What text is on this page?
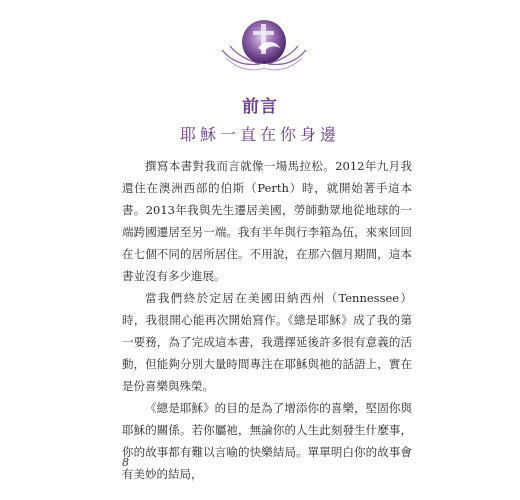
前言
耶穌一直在你身邊

撰寫本書對我而言就像一場馬拉松。2012年九月我還住在澳洲西部的伯斯（Perth）時，就開始著手這本書。2013年我與先生遷居美國，勞師動眾地從地球的一端跨國遷居至另一端。我有半年與行李箱為伍，來來回回在七個不同的居所居住。不用說，在那六個月期間，這本書並沒有多少進展。

當我們終於定居在美國田納西州（Tennessee）時，我很開心能再次開始寫作。《總是耶穌》成了我的第一要務，為了完成這本書，我選擇延後許多很有意義的活動，但能夠分別大量時間專注在耶穌與祂的話語上，實在是份喜樂與殊榮。

《總是耶穌》的目的是為了增添你的喜樂，堅固你與耶穌的關係。若你屬祂，無論你的人生此刻發生什麼事，你的故事都有難以言喻的快樂結局。單單明白你的故事會有美妙的結局，

8
